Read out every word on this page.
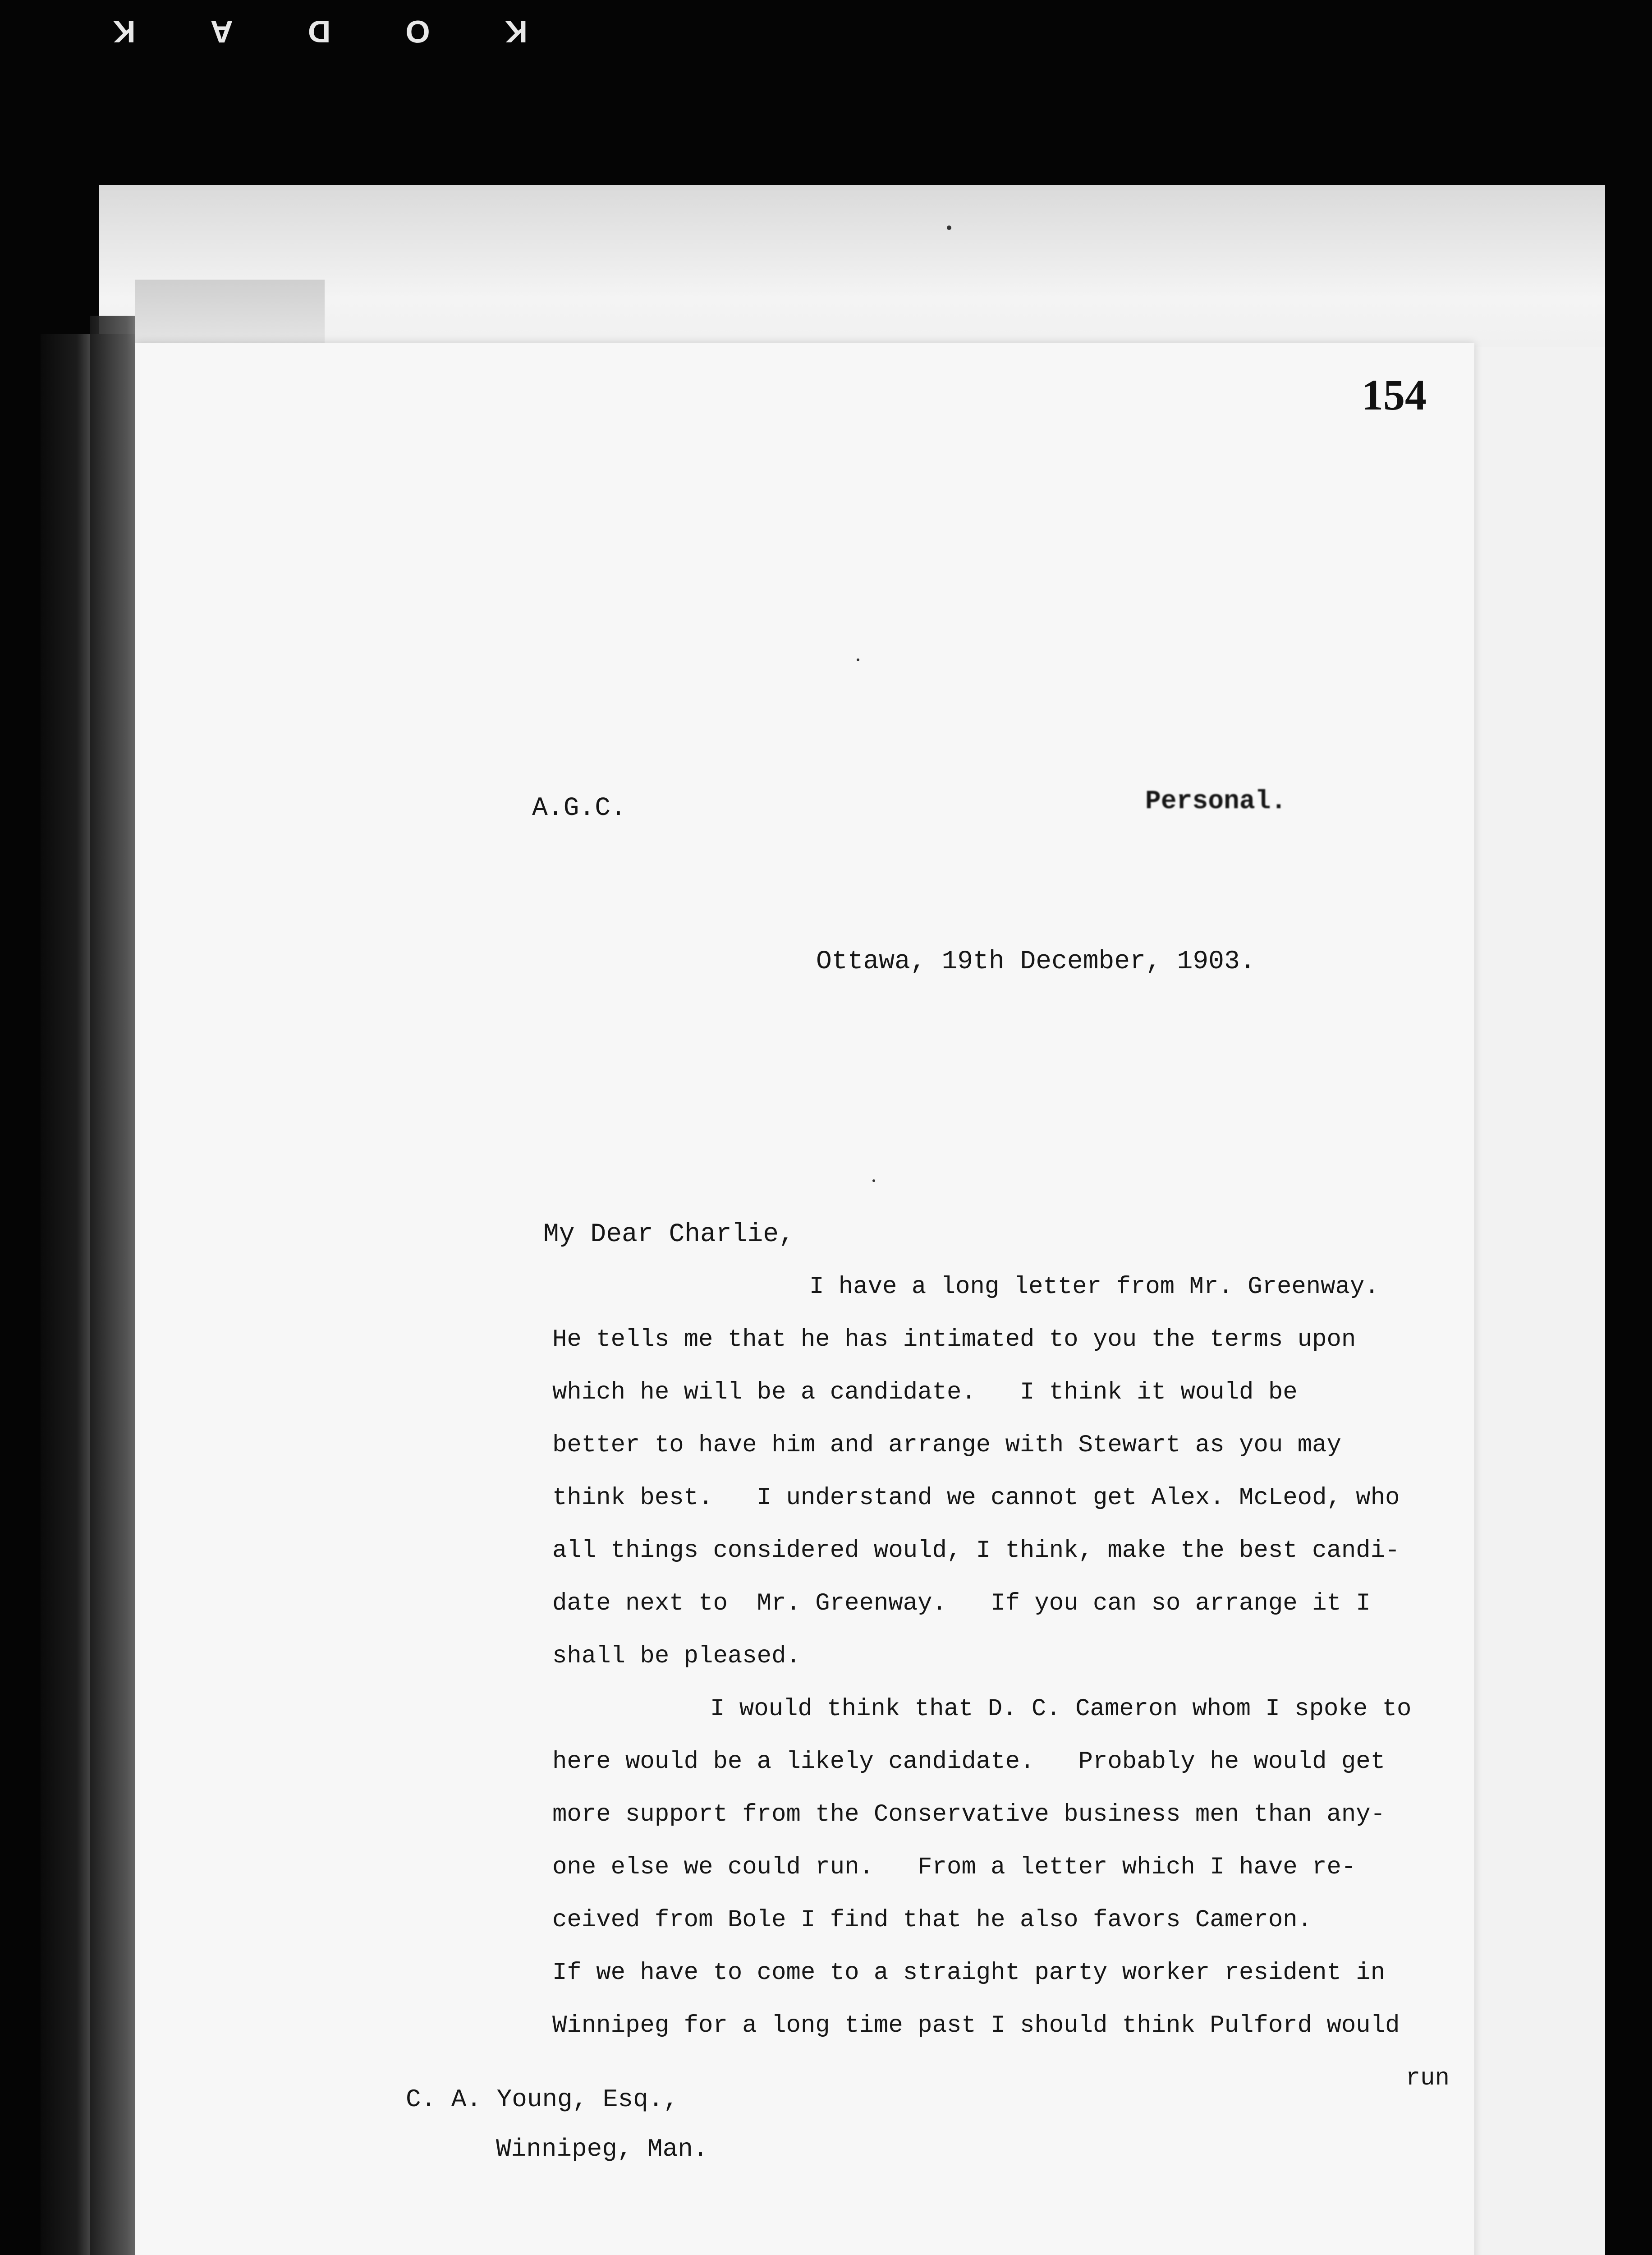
K
O
D
A
K
154
A.G.C.	Personal.
Ottawa, 19th December, 1903.
My Dear Charlie,
I have a long letter from Mr. Greenway.
He tells me that he has intimated to you the terms upon
which he will be a candidate.   I think it would be
better to have him and arrange with Stewart as you may
think best.   I understand we cannot get Alex. McLeod, who
all things considered would, I think, make the best candi-
date next to  Mr. Greenway.   If you can so arrange it I
shall be pleased.
I would think that D. C. Cameron whom I spoke to
here would be a likely candidate.   Probably he would get
more support from the Conservative business men than any-
one else we could run.   From a letter which I have re-
ceived from Bole I find that he also favors Cameron.
If we have to come to a straight party worker resident in
Winnipeg for a long time past I should think Pulford would
run
C. A. Young, Esq.,
Winnipeg, Man.
